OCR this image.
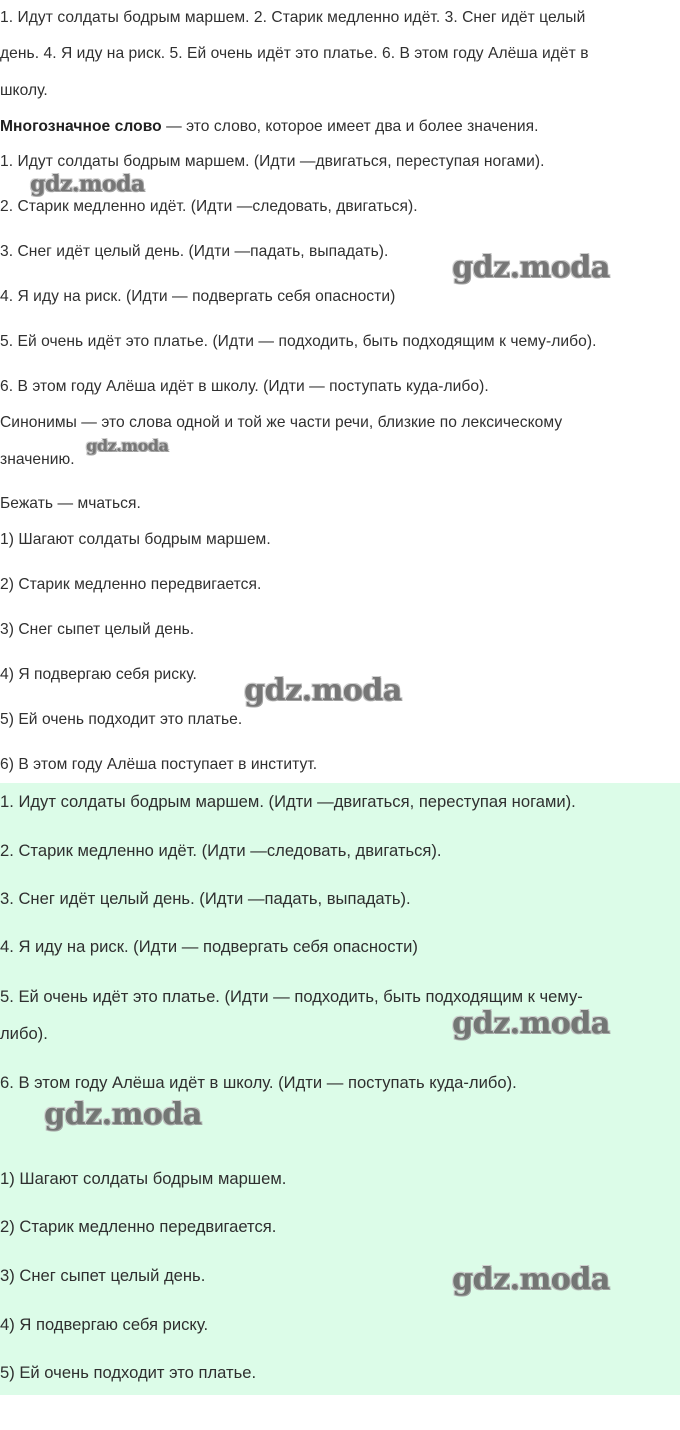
1. Идут солдаты бодрым маршем. 2. Старик медленно идёт. 3. Снег идёт целый

день. 4. Я иду на риск. 5. Ей очень идёт это платье. 6. В этом году Алёша идёт в

школу.

Многозначное слово — это слово, которое имеет два и более значения.

1. Идут солдаты бодрым маршем. (Идти —двигаться, переступая ногами).

2. Старик медленно идёт. (Идти —следовать, двигаться).

3. Снег идёт целый день. (Идти —падать, выпадать).

4. Я иду на риск. (Идти — подвергать себя опасности)

5. Ей очень идёт это платье. (Идти — подходить, быть подходящим к чему-либо).

6. В этом году Алёша идёт в школу. (Идти — поступать куда-либо).

Синонимы — это слова одной и той же части речи, близкие по лексическому

значению.

Бежать — мчаться.

1) Шагают солдаты бодрым маршем.

2) Старик медленно передвигается.

3) Снег сыпет целый день.

4) Я подвергаю себя риску.

5) Ей очень подходит это платье.

6) В этом году Алёша поступает в институт.

1. Идут солдаты бодрым маршем. (Идти —двигаться, переступая ногами).

2. Старик медленно идёт. (Идти —следовать, двигаться).

3. Снег идёт целый день. (Идти —падать, выпадать).

4. Я иду на риск. (Идти — подвергать себя опасности)

5. Ей очень идёт это платье. (Идти — подходить, быть подходящим к чему-

либо).

6. В этом году Алёша идёт в школу. (Идти — поступать куда-либо).

1) Шагают солдаты бодрым маршем.

2) Старик медленно передвигается.

3) Снег сыпет целый день.

4) Я подвергаю себя риску.

5) Ей очень подходит это платье.

gdz.moda
gdz.moda
gdz.moda
gdz.moda
gdz.moda
gdz.moda
gdz.moda
